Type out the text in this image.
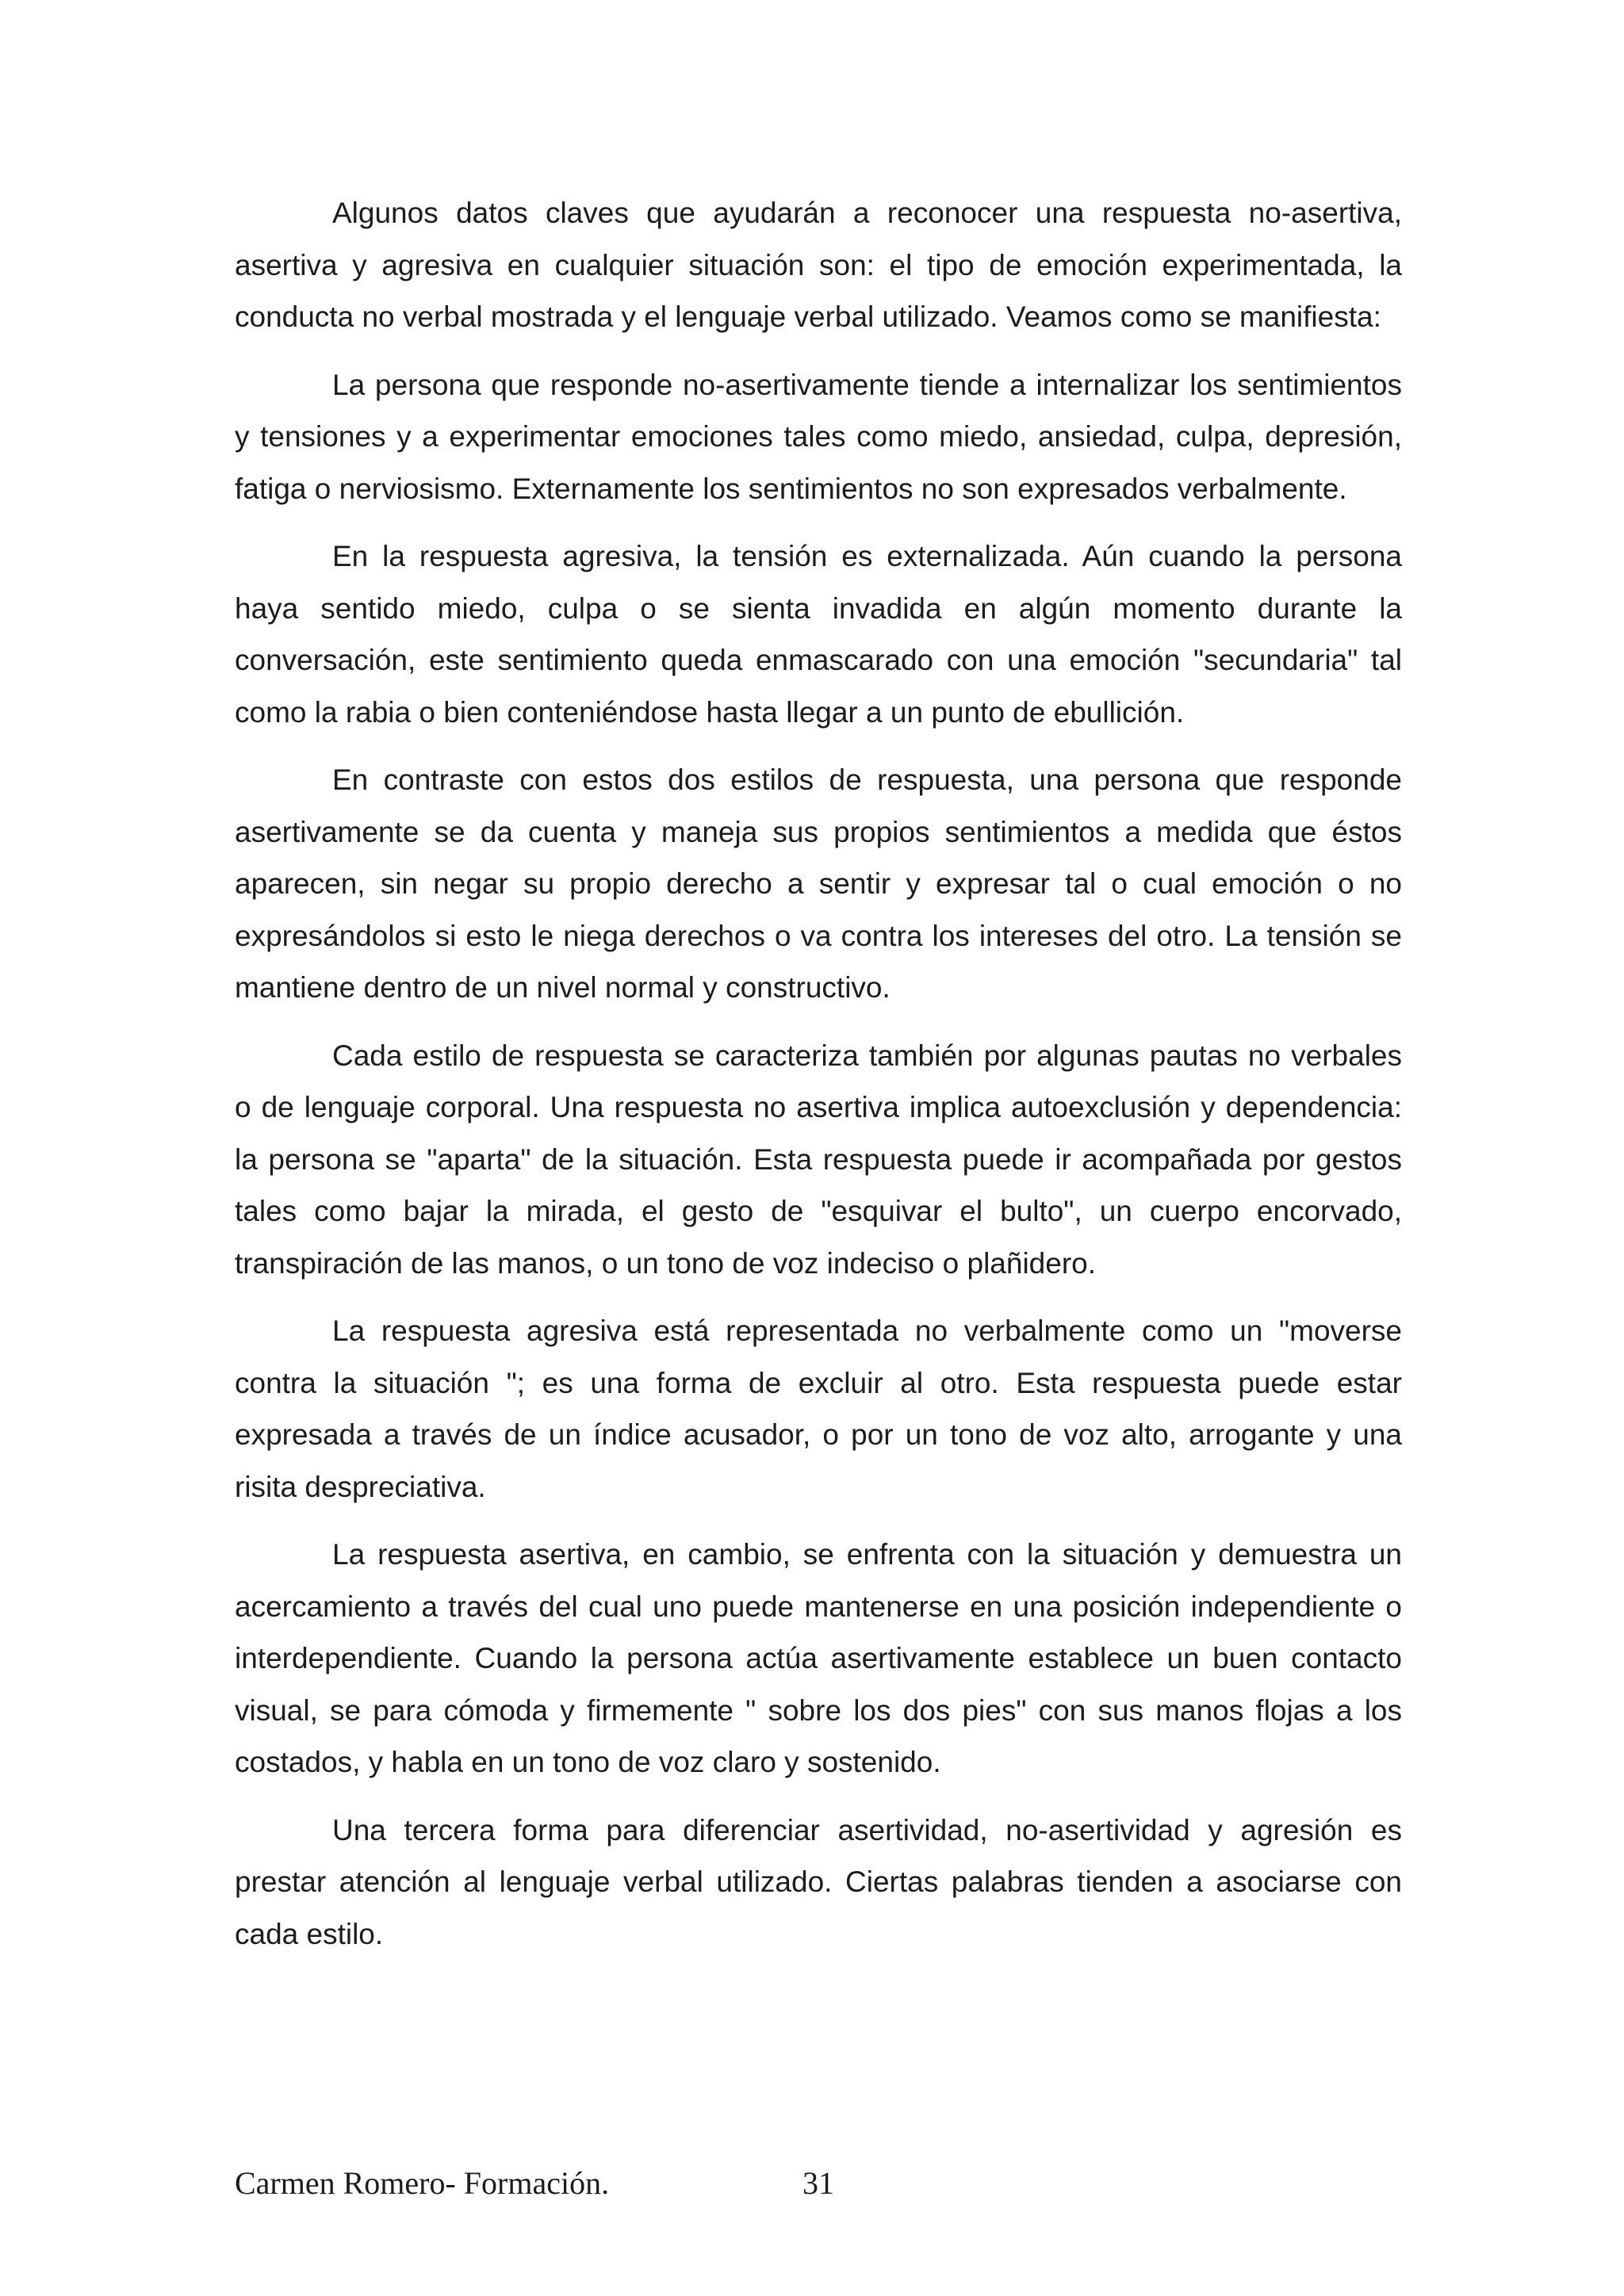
Algunos datos claves que ayudarán a reconocer una respuesta no-asertiva, asertiva y agresiva en cualquier situación son: el tipo de emoción experimentada, la conducta no verbal mostrada y el lenguaje verbal utilizado. Veamos como se manifiesta:

La persona que responde no-asertivamente tiende a internalizar los sentimientos y tensiones y a experimentar emociones tales como miedo, ansiedad, culpa, depresión, fatiga o nerviosismo. Externamente los sentimientos no son expresados verbalmente.

En la respuesta agresiva, la tensión es externalizada. Aún cuando la persona haya sentido miedo, culpa o se sienta invadida en algún momento durante la conversación, este sentimiento queda enmascarado con una emoción "secundaria" tal como la rabia o bien conteniéndose hasta llegar a un punto de ebullición.

En contraste con estos dos estilos de respuesta, una persona que responde asertivamente se da cuenta y maneja sus propios sentimientos a medida que éstos aparecen, sin negar su propio derecho a sentir y expresar tal o cual emoción o no expresándolos si esto le niega derechos o va contra los intereses del otro. La tensión se mantiene dentro de un nivel normal y constructivo.

Cada estilo de respuesta se caracteriza también por algunas pautas no verbales o de lenguaje corporal. Una respuesta no asertiva implica autoexclusión y dependencia: la persona se "aparta" de la situación. Esta respuesta puede ir acompañada por gestos tales como bajar la mirada, el gesto de "esquivar el bulto", un cuerpo encorvado, transpiración de las manos, o un tono de voz indeciso o plañidero.

La respuesta agresiva está representada no verbalmente como un "moverse contra la situación "; es una forma de excluir al otro. Esta respuesta puede estar expresada a través de un índice acusador, o por un tono de voz alto, arrogante y una risita despreciativa.

La respuesta asertiva, en cambio, se enfrenta con la situación y demuestra un acercamiento a través del cual uno puede mantenerse en una posición independiente o interdependiente. Cuando la persona actúa asertivamente establece un buen contacto visual, se para cómoda y firmemente " sobre los dos pies" con sus manos flojas a los costados, y habla en un tono de voz claro y sostenido.

Una tercera forma para diferenciar asertividad, no-asertividad y agresión es prestar atención al lenguaje verbal utilizado. Ciertas palabras tienden a asociarse con cada estilo.

Carmen Romero- Formación.	31
